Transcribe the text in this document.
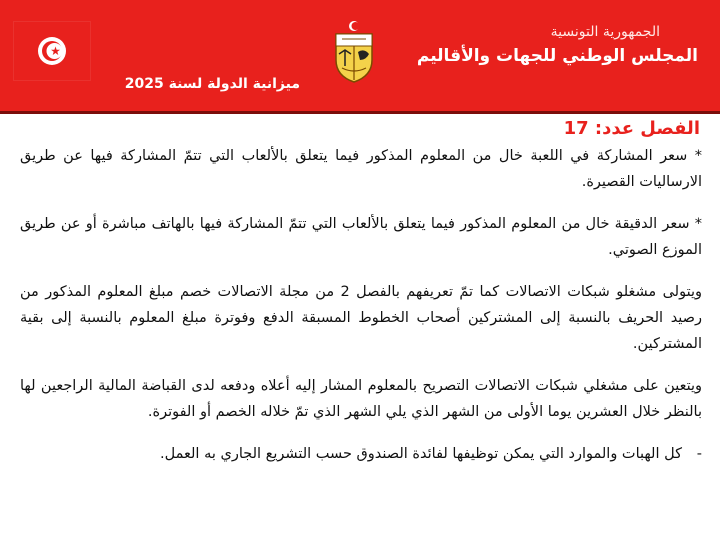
الجمهورية التونسية
المجلس الوطني للجهات والأقاليم
ميزانية الدولة لسنة 2025
الفصل عدد: 17

* سعر المشاركة في اللعبة خال من المعلوم المذكور فيما يتعلق بالألعاب التي تتمّ المشاركة فيها عن طريق الارساليات القصيرة.

* سعر الدقيقة خال من المعلوم المذكور فيما يتعلق بالألعاب التي تتمّ المشاركة فيها بالهاتف مباشرة أو عن طريق الموزع الصوتي.

ويتولى مشغلو شبكات الاتصالات كما تمّ تعريفهم بالفصل 2 من مجلة الاتصالات خصم مبلغ المعلوم المذكور من رصيد الحريف بالنسبة إلى المشتركين أصحاب الخطوط المسبقة الدفع وفوترة مبلغ المعلوم بالنسبة إلى بقية المشتركين.

ويتعين على مشغلي شبكات الاتصالات التصريح بالمعلوم المشار إليه أعلاه ودفعه لدى القباضة المالية الراجعين لها بالنظر خلال العشرين يوما الأولى من الشهر الذي يلي الشهر الذي تمّ خلاله الخصم أو الفوترة.

-
كل الهبات والموارد التي يمكن توظيفها لفائدة الصندوق حسب التشريع الجاري به العمل.
